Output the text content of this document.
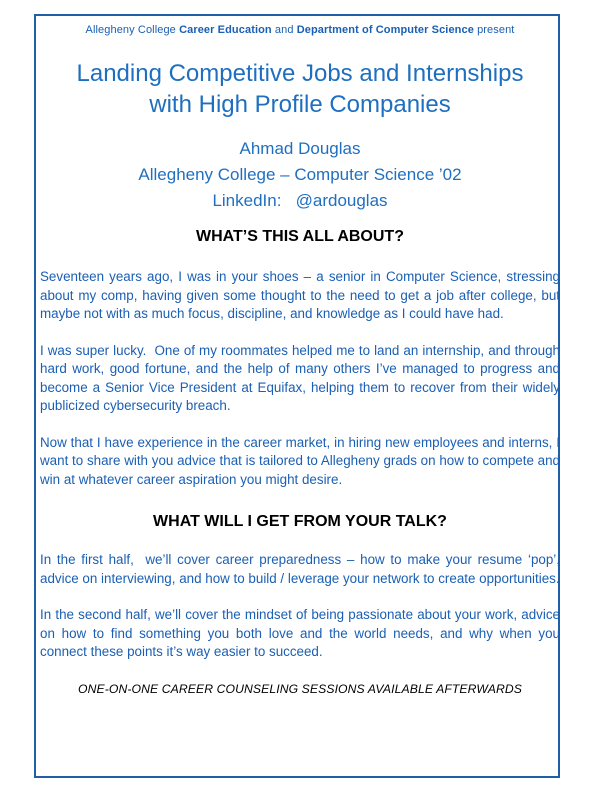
Allegheny College Career Education and Department of Computer Science present

Landing Competitive Jobs and Internships
with High Profile Companies
Ahmad Douglas
Allegheny College – Computer Science ’02
LinkedIn:   @ardouglas
WHAT’S THIS ALL ABOUT?

Seventeen years ago, I was in your shoes – a senior in Computer Science, stressing about my comp, having given some thought to the need to get a job after college, but maybe not with as much focus, discipline, and knowledge as I could have had.

I was super lucky.  One of my roommates helped me to land an internship, and through hard work, good fortune, and the help of many others I’ve managed to progress and become a Senior Vice President at Equifax, helping them to recover from their widely publicized cybersecurity breach.

Now that I have experience in the career market, in hiring new employees and interns, I want to share with you advice that is tailored to Allegheny grads on how to compete and win at whatever career aspiration you might desire.

WHAT WILL I GET FROM YOUR TALK?

In the first half,  we’ll cover career preparedness – how to make your resume ‘pop’, advice on interviewing, and how to build / leverage your network to create opportunities.

In the second half, we’ll cover the mindset of being passionate about your work, advice on how to find something you both love and the world needs, and why when you connect these points it’s way easier to succeed.

ONE-ON-ONE CAREER COUNSELING SESSIONS AVAILABLE AFTERWARDS
